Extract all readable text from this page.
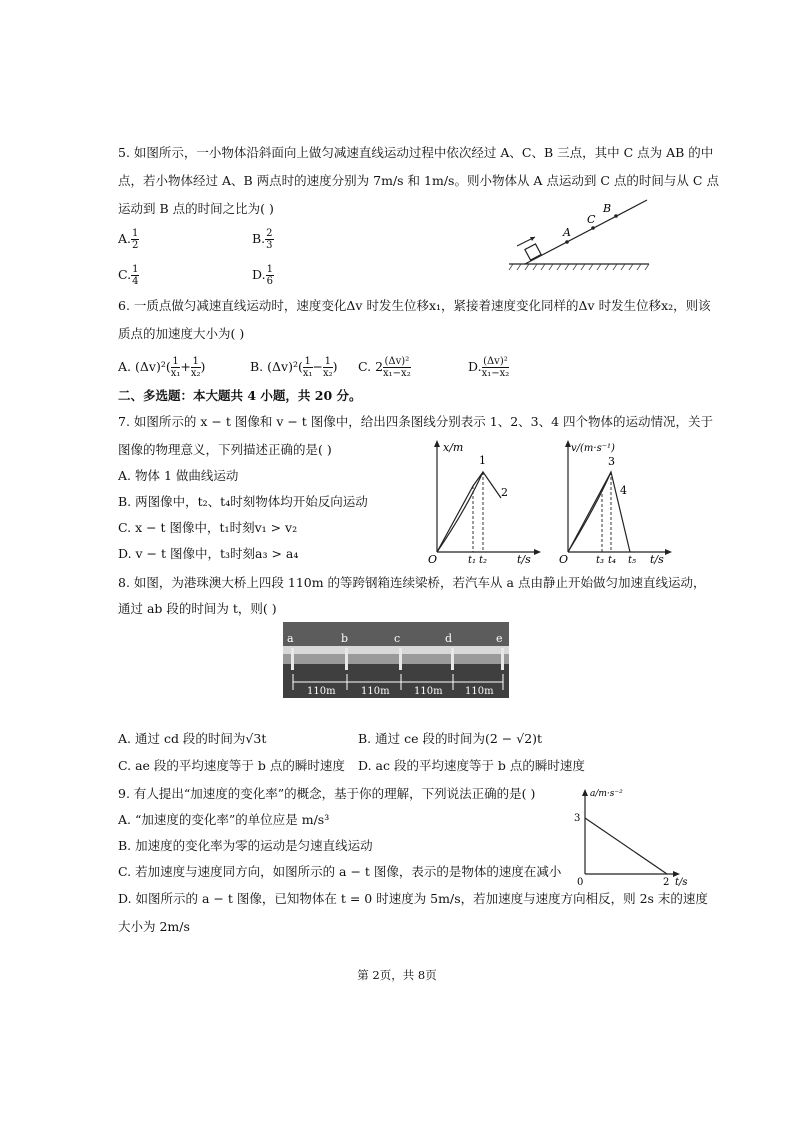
5. 如图所示，一小物体沿斜面向上做匀减速直线运动过程中依次经过 A、C、B 三点，其中 C 点为 AB 的中
点，若小物体经过 A、B 两点时的速度分别为 7m/s 和 1m/s。则小物体从 A 点运动到 C 点的时间与从 C 点
运动到 B 点的时间之比为( )
A. $\frac{1}{2}$	B. $\frac{2}{3}$
C. $\frac{1}{4}$	D. $\frac{1}{6}$
A
C
B
6. 一质点做匀减速直线运动时，速度变化Δv 时发生位移x₁，紧接着速度变化同样的Δv 时发生位移x₂，则该
质点的加速度大小为( )
A. $(\Delta v)^2( \frac{1}{\text{x₁}} + \frac{1}{\text{x₂}}$ )	B. $(\Delta v)^2( \frac{1}{\text{x₁}} - \frac{1}{\text{x₂}}$ ) C. $2 \frac{\text{(Δv)²}}{\text{x₁−x₂}}$	D. $\frac{\text{(Δv)²}}{\text{x₁−x₂}}$
二、多选题：本大题共 4 小题，共 20 分。
7. 如图所示的 x − t 图像和 v − t 图像中，给出四条图线分别表示 1、2、3、4 四个物体的运动情况，关于
图像的物理意义，下列描述正确的是( )
A. 物体 1 做曲线运动
B. 两图像中，t₂、t₄时刻物体均开始反向运动
C. x − t 图像中，t₁时刻v₁ > v₂
D. v − t 图像中，t₃时刻a₃ > a₄
x/m
O	t/s
1
2
t₁ t₂
v/(m·s⁻¹)
O	t/s
3
4
t₃ t₄ t₅
8. 如图，为港珠澳大桥上四段 110m 的等跨钢箱连续梁桥，若汽车从 a 点由静止开始做匀加速直线运动，
通过 ab 段的时间为 t，则( )
a	b	c	d	e
110m	110m 110m 110m
A. 通过 cd 段的时间为√3t	B. 通过 ce 段的时间为(2 − √2)t
C. ae 段的平均速度等于 b 点的瞬时速度 D. ac 段的平均速度等于 b 点的瞬时速度
9. 有人提出“加速度的变化率”的概念，基于你的理解，下列说法正确的是( )
A. “加速度的变化率”的单位应是 m/s³
B. 加速度的变化率为零的运动是匀速直线运动
C. 若加速度与速度同方向，如图所示的 a − t 图像，表示的是物体的速度在减小
D. 如图所示的 a − t 图像，已知物体在 t = 0 时速度为 5m/s，若加速度与速度方向相反，则 2s 末的速度
大小为 2m/s
a/m·s⁻²
3
0	2 t/s
第 2页，共 8页
